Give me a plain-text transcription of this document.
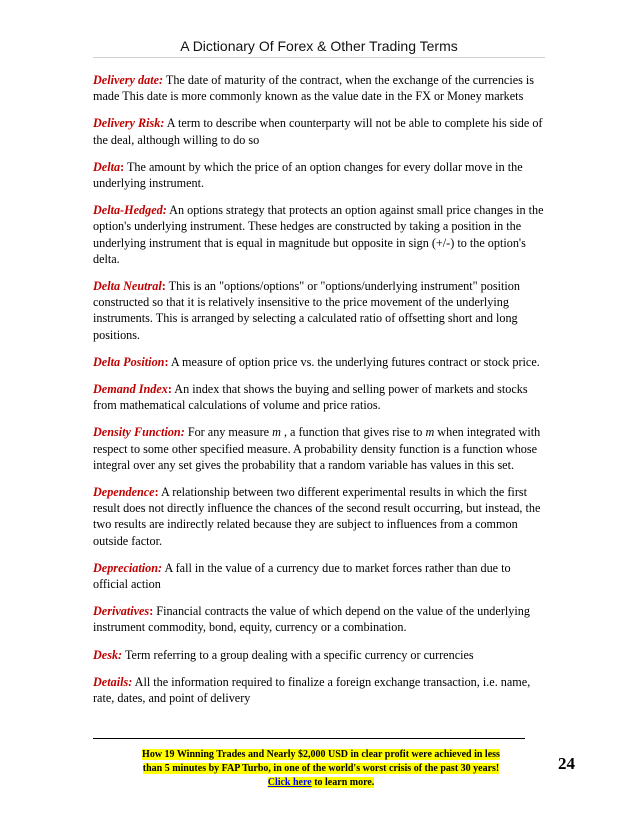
A Dictionary Of Forex & Other Trading Terms

Delivery date: The date of maturity of the contract, when the exchange of the currencies is made This date is more commonly known as the value date in the FX or Money markets

Delivery Risk: A term to describe when counterparty will not be able to complete his side of the deal, although willing to do so

Delta: The amount by which the price of an option changes for every dollar move in the underlying instrument.

Delta-Hedged: An options strategy that protects an option against small price changes in the option's underlying instrument. These hedges are constructed by taking a position in the underlying instrument that is equal in magnitude but opposite in sign (+/-) to the option's delta.

Delta Neutral: This is an "options/options" or "options/underlying instrument" position constructed so that it is relatively insensitive to the price movement of the underlying instruments. This is arranged by selecting a calculated ratio of offsetting short and long positions.

Delta Position: A measure of option price vs. the underlying futures contract or stock price.

Demand Index: An index that shows the buying and selling power of markets and stocks from mathematical calculations of volume and price ratios.

Density Function: For any measure m , a function that gives rise to m when integrated with respect to some other specified measure. A probability density function is a function whose integral over any set gives the probability that a random variable has values in this set.

Dependence: A relationship between two different experimental results in which the first result does not directly influence the chances of the second result occurring, but instead, the two results are indirectly related because they are subject to influences from a common outside factor.

Depreciation: A fall in the value of a currency due to market forces rather than due to official action

Derivatives: Financial contracts the value of which depend on the value of the underlying instrument commodity, bond, equity, currency or a combination.

Desk: Term referring to a group dealing with a specific currency or currencies

Details: All the information required to finalize a foreign exchange transaction, i.e. name, rate, dates, and point of delivery

How 19 Winning Trades and Nearly $2,000 USD in clear profit were achieved in less
than 5 minutes by FAP Turbo, in one of the world's worst crisis of the past 30 years!
Click here to learn more.
24
